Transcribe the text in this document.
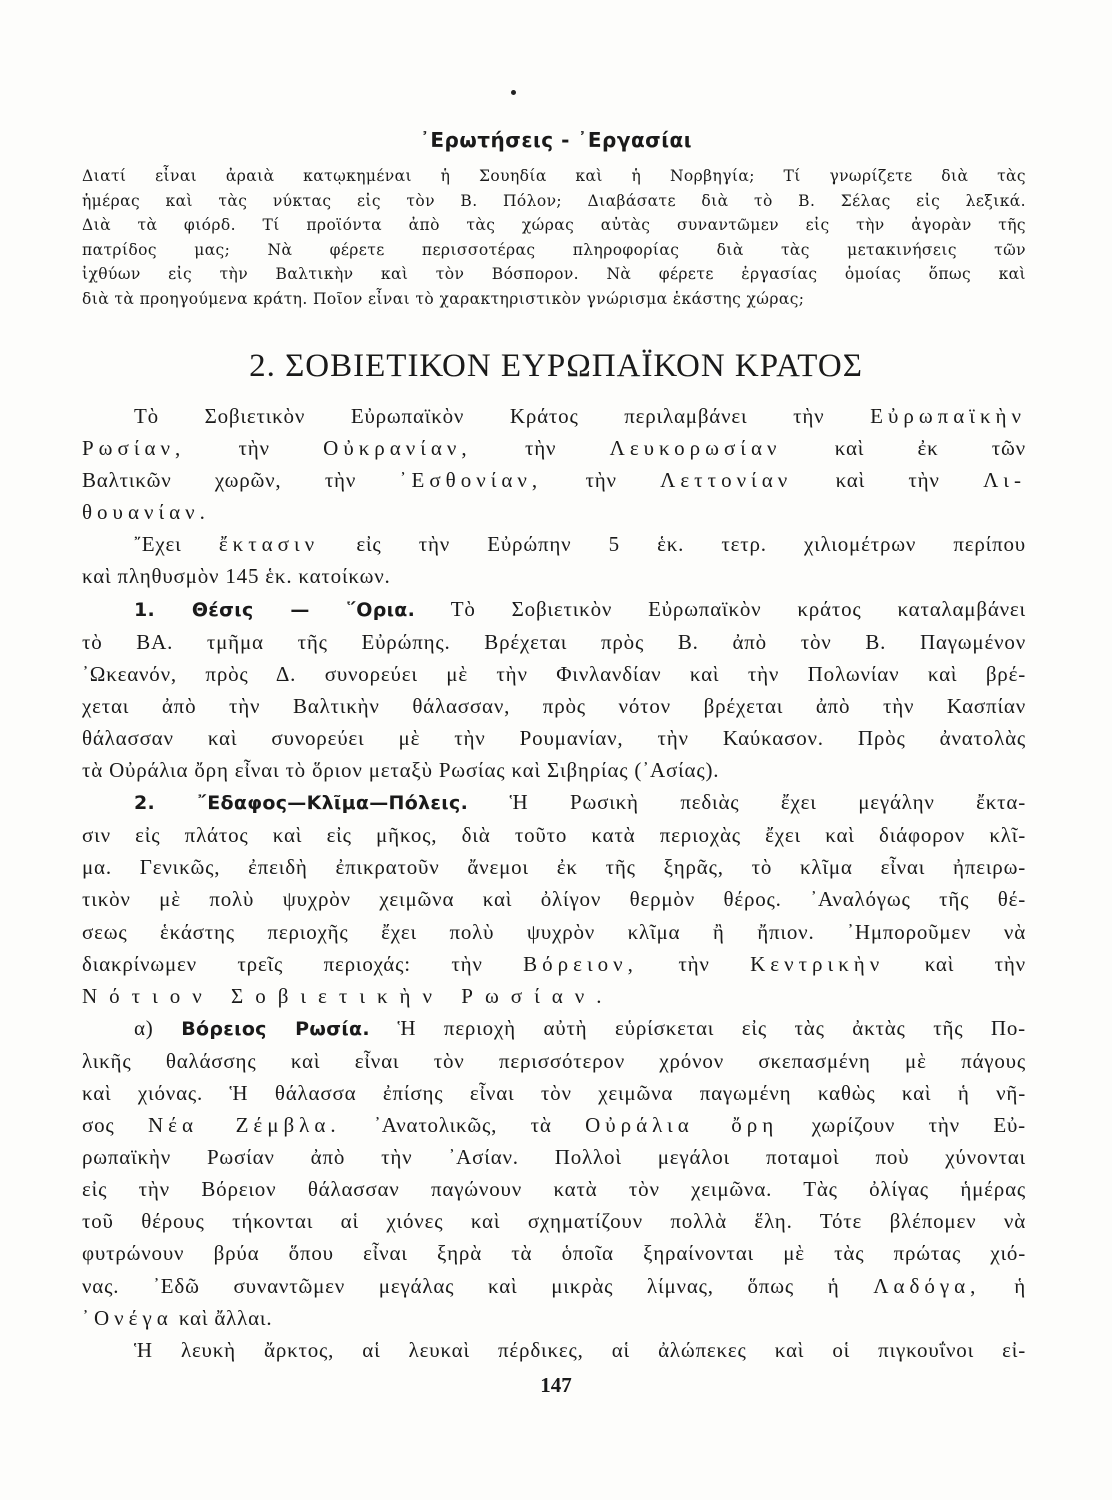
᾿Ερωτήσεις - ᾿Εργασίαι
Διατί εἶναι ἀραιὰ κατῳκημέναι ἡ Σουηδία καὶ ἡ Νορβηγία; Τί γνωρίζετε διὰ τὰς
ἡμέρας καὶ τὰς νύκτας εἰς τὸν Β. Πόλον; Διαβάσατε διὰ τὸ Β. Σέλας εἰς λεξικά.
Διὰ τὰ φιόρδ. Τί προϊόντα ἀπὸ τὰς χώρας αὐτὰς συναντῶμεν εἰς τὴν ἀγορὰν τῆς
πατρίδος μας; Νὰ φέρετε περισσοτέρας πληροφορίας διὰ τὰς μετακινήσεις τῶν
ἰχθύων εἰς τὴν Βαλτικὴν καὶ τὸν Βόσπορον. Νὰ φέρετε ἐργασίας ὁμοίας ὅπως καὶ
διὰ τὰ προηγούμενα κράτη. Ποῖον εἶναι τὸ χαρακτηριστικὸν γνώρισμα ἑκάστης χώρας;
2. ΣΟΒΙΕΤΙΚΟΝ ΕΥΡΩΠΑΪΚΟΝ ΚΡΑΤΟΣ
Τὸ Σοβιετικὸν Εὐρωπαϊκὸν Κράτος περιλαμβάνει τὴν Εὐρωπαϊκὴν
Ρωσίαν,	τὴν	Οὐκρανίαν,	τὴν	Λευκορωσίαν	καὶ ἐκ τῶν
Βαλτικῶν χωρῶν, τὴν ᾿Εσθονίαν, τὴν Λεττονίαν καὶ τὴν Λι-
θουανίαν.
῎Εχει ἔκτασιν εἰς τὴν Εὐρώπην 5 ἑκ. τετρ. χιλιομέτρων περίπου
καὶ πληθυσμὸν 145 ἑκ. κατοίκων.
1. Θέσις — ῞Ορια. Τὸ Σοβιετικὸν Εὐρωπαϊκὸν κράτος καταλαμβάνει
τὸ ΒΑ. τμῆμα τῆς Εὐρώπης. Βρέχεται πρὸς Β. ἀπὸ τὸν Β. Παγωμένον
᾿Ωκεανόν, πρὸς Δ. συνορεύει μὲ τὴν Φινλανδίαν καὶ τὴν Πολωνίαν καὶ βρέ-
χεται ἀπὸ τὴν Βαλτικὴν θάλασσαν, πρὸς νότον βρέχεται ἀπὸ τὴν Κασπίαν
θάλασσαν καὶ συνορεύει μὲ τὴν Ρουμανίαν, τὴν Καύκασον. Πρὸς ἀνατολὰς
τὰ Οὐράλια ὄρη εἶναι τὸ ὅριον μεταξὺ Ρωσίας καὶ Σιβηρίας (᾿Ασίας).
2. ῎Εδαφος—Κλῖμα—Πόλεις. Ἡ Ρωσικὴ πεδιὰς ἔχει μεγάλην ἔκτα-
σιν εἰς πλάτος καὶ εἰς μῆκος, διὰ τοῦτο κατὰ περιοχὰς ἔχει καὶ διάφορον κλῖ-
μα. Γενικῶς, ἐπειδὴ ἐπικρατοῦν ἄνεμοι ἐκ τῆς ξηρᾶς, τὸ κλῖμα εἶναι ἠπειρω-
τικὸν μὲ πολὺ ψυχρὸν χειμῶνα καὶ ὀλίγον θερμὸν θέρος. ᾿Αναλόγως τῆς θέ-
σεως ἑκάστης περιοχῆς ἔχει πολὺ ψυχρὸν κλῖμα ἢ ἤπιον. ᾿Ημποροῦμεν νὰ
διακρίνωμεν τρεῖς περιοχάς: τὴν Βόρειον, τὴν Κεντρικὴν καὶ τὴν
Νότιον Σοβιετικὴν Ρωσίαν.
α) Βόρειος Ρωσία. Ἡ περιοχὴ αὐτὴ εὑρίσκεται εἰς τὰς ἀκτὰς τῆς Πο-
λικῆς θαλάσσης καὶ εἶναι τὸν περισσότερον χρόνον σκεπασμένη μὲ πάγους
καὶ χιόνας. Ἡ θάλασσα ἐπίσης εἶναι τὸν χειμῶνα παγωμένη καθὼς καὶ ἡ νῆ-
σος Νέα Ζέμβλα. ᾿Ανατολικῶς, τὰ Οὐράλια ὄρη χωρίζουν τὴν Εὐ-
ρωπαϊκὴν Ρωσίαν ἀπὸ τὴν ᾿Ασίαν. Πολλοὶ μεγάλοι ποταμοὶ ποὺ χύνονται
εἰς τὴν Βόρειον θάλασσαν παγώνουν κατὰ τὸν χειμῶνα. Τὰς ὀλίγας ἡμέρας
τοῦ θέρους τήκονται αἱ χιόνες καὶ σχηματίζουν πολλὰ ἕλη. Τότε βλέπομεν νὰ
φυτρώνουν βρύα ὅπου εἶναι ξηρὰ τὰ ὁποῖα ξηραίνονται μὲ τὰς πρώτας χιό-
νας. ᾿Εδῶ συναντῶμεν μεγάλας καὶ μικρὰς λίμνας, ὅπως ἡ Λαδόγα, ἡ
᾿Ονέγα καὶ ἄλλαι.
Ἡ λευκὴ ἄρκτος, αἱ λευκαὶ πέρδικες, αἱ ἀλώπεκες καὶ οἱ πιγκουΐνοι εἰ-
147
